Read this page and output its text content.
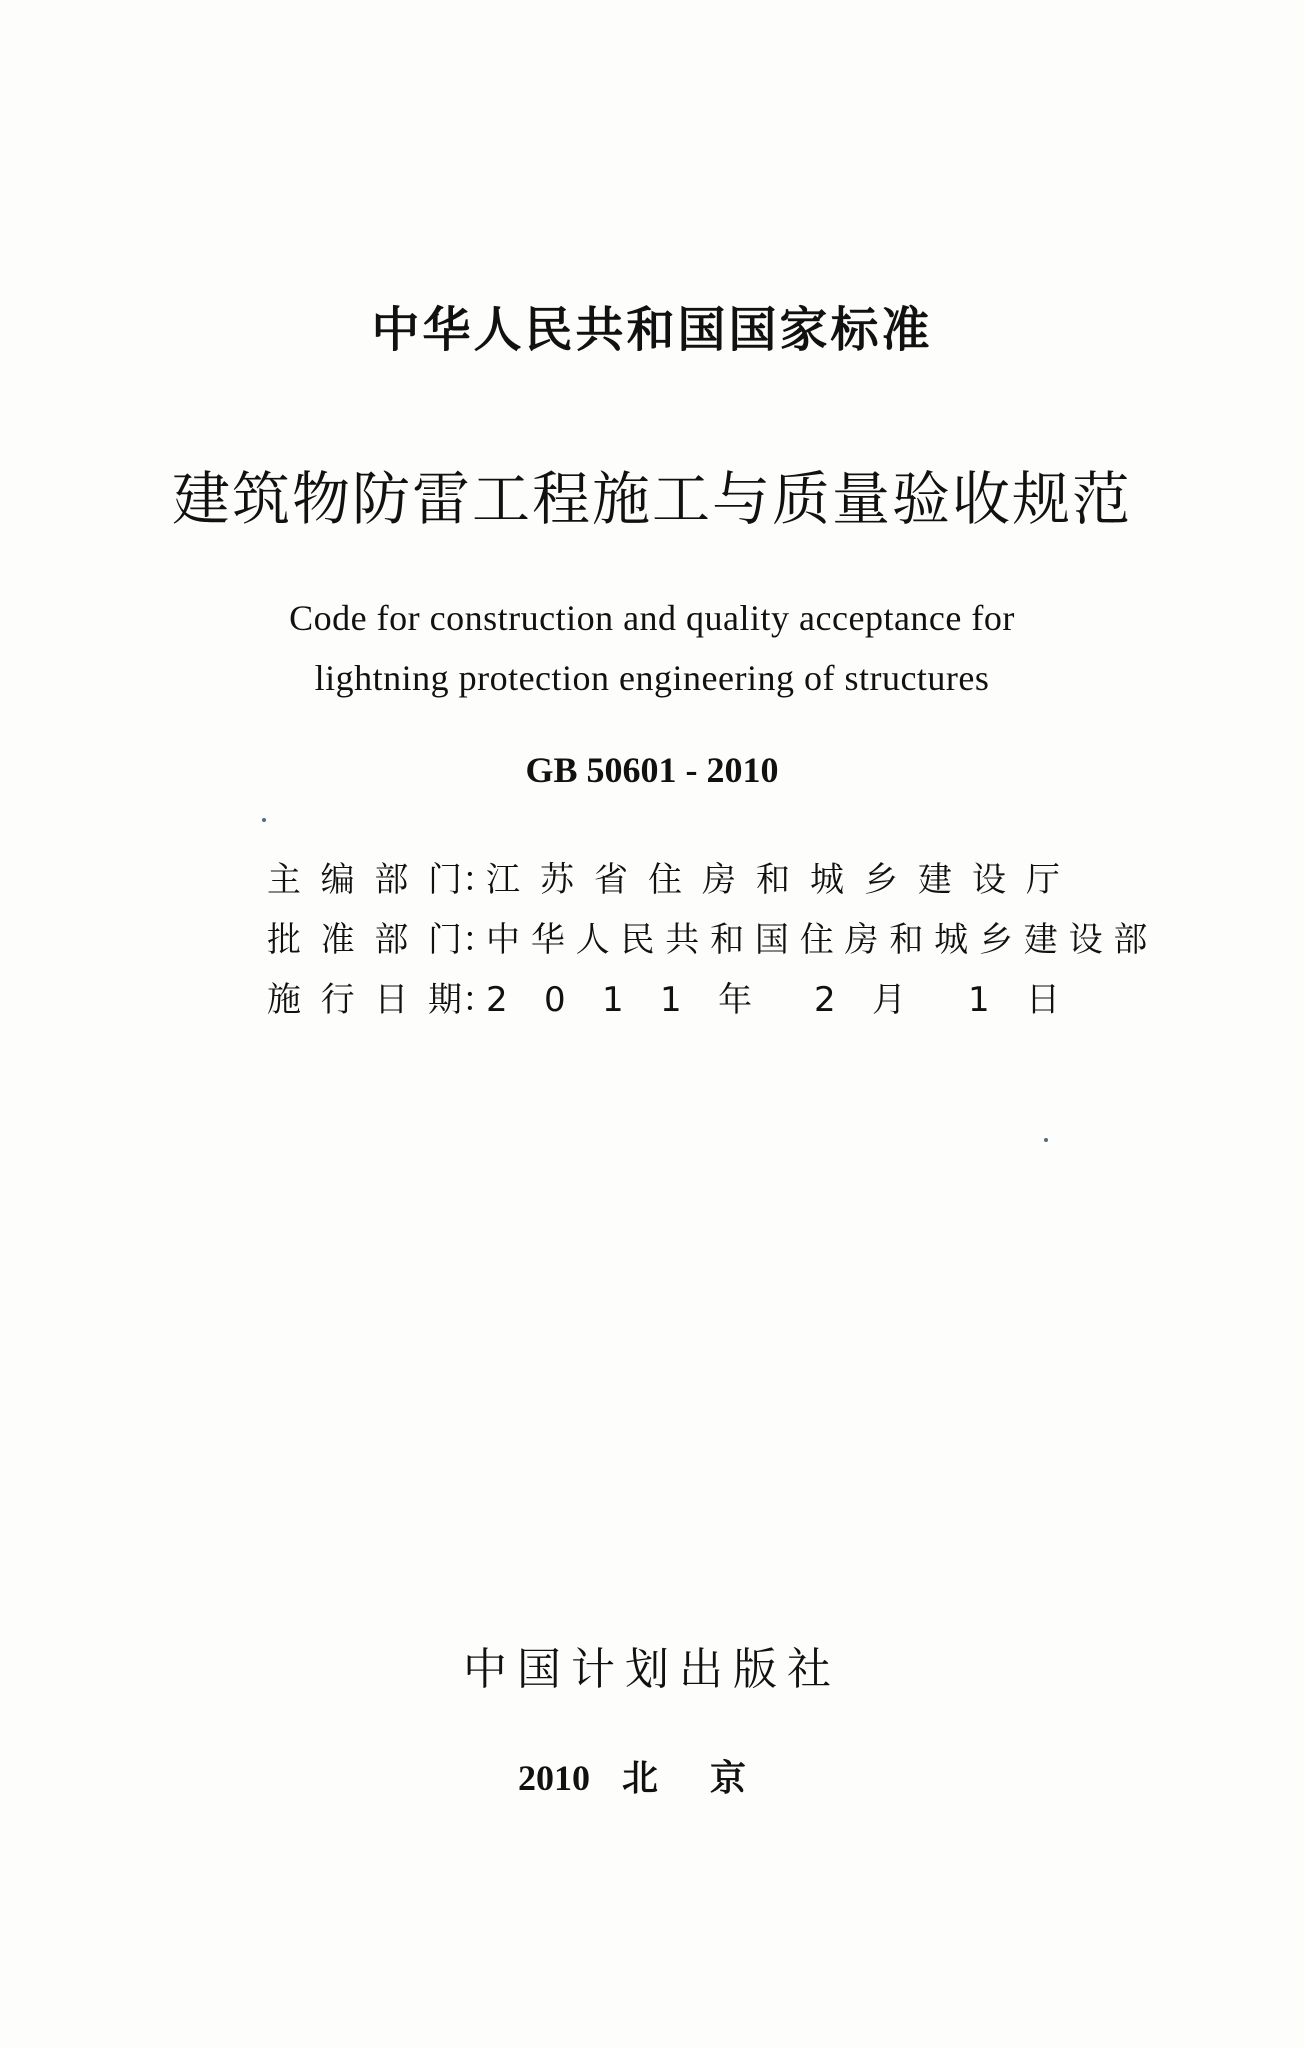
中华人民共和国国家标准
建筑物防雷工程施工与质量验收规范
Code for construction and quality acceptance for
lightning protection engineering of structures
GB 50601 - 2010
主 编 部 门 ：
江 苏 省 住 房 和 城 乡 建 设 厅
批 准 部 门 ：
中 华 人 民 共 和 国 住 房 和 城 乡 建 设 部
施 行 日 期 ：
2 0 1 1 年 2 月 1 日
中国计划出版社
2010 北京
